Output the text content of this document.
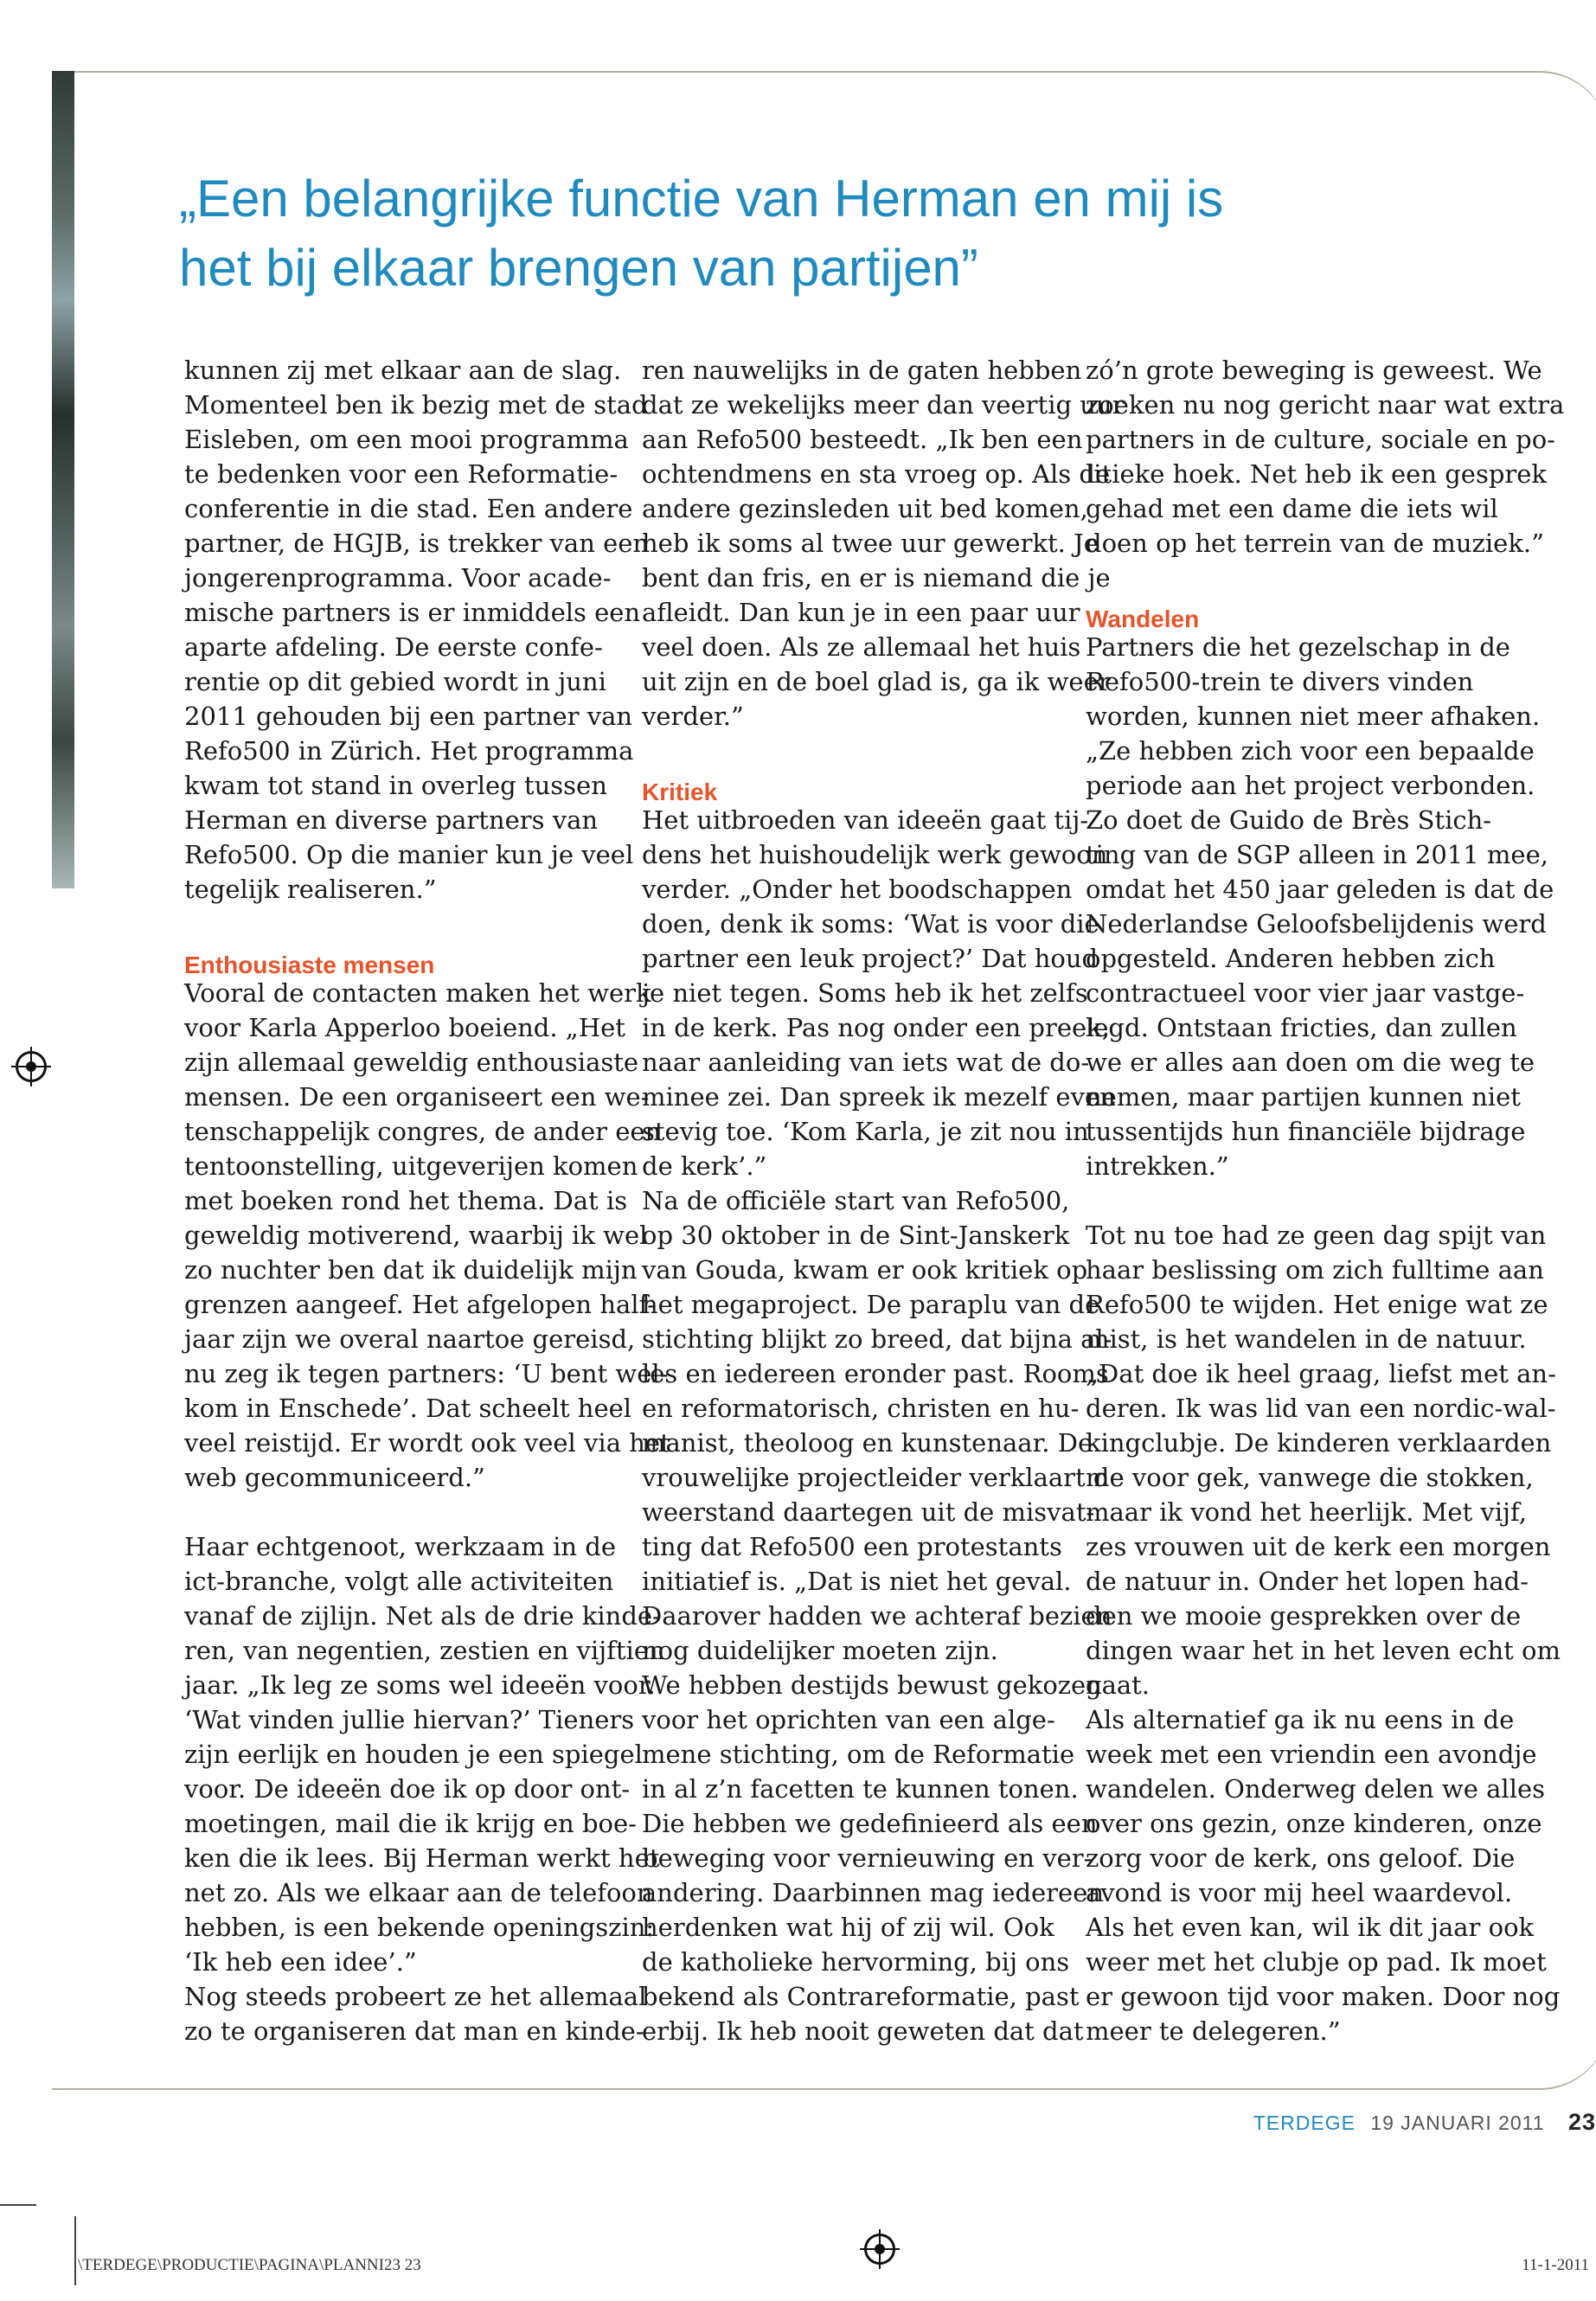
„Een belangrijke functie van Herman en mij is
het bij elkaar brengen van partijen”
kunnen zij met elkaar aan de slag.
Momenteel ben ik bezig met de stad
Eisleben, om een mooi programma
te bedenken voor een Reformatie-
conferentie in die stad. Een andere
partner, de HGJB, is trekker van een
jongerenprogramma. Voor acade-
mische partners is er inmiddels een
aparte afdeling. De eerste confe-
rentie op dit gebied wordt in juni
2011 gehouden bij een partner van
Refo500 in Zürich. Het programma
kwam tot stand in overleg tussen
Herman en diverse partners van
Refo500. Op die manier kun je veel
tegelijk realiseren.”
Enthousiaste mensen
Vooral de contacten maken het werk
voor Karla Apperloo boeiend. „Het
zijn allemaal geweldig enthousiaste
mensen. De een organiseert een we-
tenschappelijk congres, de ander een
tentoonstelling, uitgeverijen komen
met boeken rond het thema. Dat is
geweldig motiverend, waarbij ik wel
zo nuchter ben dat ik duidelijk mijn
grenzen aangeef. Het afgelopen half-
jaar zijn we overal naartoe gereisd,
nu zeg ik tegen partners: ‘U bent wel-
kom in Enschede’. Dat scheelt heel
veel reistijd. Er wordt ook veel via het
web gecommuniceerd.”
Haar echtgenoot, werkzaam in de
ict-branche, volgt alle activiteiten
vanaf de zijlijn. Net als de drie kinde-
ren, van negentien, zestien en vijftien
jaar. „Ik leg ze soms wel ideeën voor.
‘Wat vinden jullie hiervan?’ Tieners
zijn eerlijk en houden je een spiegel
voor. De ideeën doe ik op door ont-
moetingen, mail die ik krijg en boe-
ken die ik lees. Bij Herman werkt het
net zo. Als we elkaar aan de telefoon
hebben, is een bekende openingszin:
‘Ik heb een idee’.”
Nog steeds probeert ze het allemaal
zo te organiseren dat man en kinde-
ren nauwelijks in de gaten hebben
dat ze wekelijks meer dan veertig uur
aan Refo500 besteedt. „Ik ben een
ochtendmens en sta vroeg op. Als de
andere gezinsleden uit bed komen,
heb ik soms al twee uur gewerkt. Je
bent dan fris, en er is niemand die je
afleidt. Dan kun je in een paar uur
veel doen. Als ze allemaal het huis
uit zijn en de boel glad is, ga ik weer
verder.”
Kritiek
Het uitbroeden van ideeën gaat tij-
dens het huishoudelijk werk gewoon
verder. „Onder het boodschappen
doen, denk ik soms: ‘Wat is voor die
partner een leuk project?’ Dat houd
je niet tegen. Soms heb ik het zelfs
in de kerk. Pas nog onder een preek,
naar aanleiding van iets wat de do-
minee zei. Dan spreek ik mezelf even
stevig toe. ‘Kom Karla, je zit nou in
de kerk’.”
Na de officiële start van Refo500,
op 30 oktober in de Sint-Janskerk
van Gouda, kwam er ook kritiek op
het megaproject. De paraplu van de
stichting blijkt zo breed, dat bijna al-
les en iedereen eronder past. Rooms
en reformatorisch, christen en hu-
manist, theoloog en kunstenaar. De
vrouwelijke projectleider verklaart de
weerstand daartegen uit de misvat-
ting dat Refo500 een protestants
initiatief is. „Dat is niet het geval.
Daarover hadden we achteraf bezien
nog duidelijker moeten zijn.
We hebben destijds bewust gekozen
voor het oprichten van een alge-
mene stichting, om de Reformatie
in al z’n facetten te kunnen tonen.
Die hebben we gedefinieerd als een
beweging voor vernieuwing en ver-
andering. Daarbinnen mag iedereen
herdenken wat hij of zij wil. Ook
de katholieke hervorming, bij ons
bekend als Contrareformatie, past
erbij. Ik heb nooit geweten dat dat
zó’n grote beweging is geweest. We
zoeken nu nog gericht naar wat extra
partners in de culture, sociale en po-
litieke hoek. Net heb ik een gesprek
gehad met een dame die iets wil
doen op het terrein van de muziek.”
Wandelen
Partners die het gezelschap in de
Refo500-trein te divers vinden
worden, kunnen niet meer afhaken.
„Ze hebben zich voor een bepaalde
periode aan het project verbonden.
Zo doet de Guido de Brès Stich-
ting van de SGP alleen in 2011 mee,
omdat het 450 jaar geleden is dat de
Nederlandse Geloofsbelijdenis werd
opgesteld. Anderen hebben zich
contractueel voor vier jaar vastge-
legd. Ontstaan fricties, dan zullen
we er alles aan doen om die weg te
nemen, maar partijen kunnen niet
tussentijds hun financiële bijdrage
intrekken.”
Tot nu toe had ze geen dag spijt van
haar beslissing om zich fulltime aan
Refo500 te wijden. Het enige wat ze
mist, is het wandelen in de natuur.
„Dat doe ik heel graag, liefst met an-
deren. Ik was lid van een nordic-wal-
kingclubje. De kinderen verklaarden
me voor gek, vanwege die stokken,
maar ik vond het heerlijk. Met vijf,
zes vrouwen uit de kerk een morgen
de natuur in. Onder het lopen had-
den we mooie gesprekken over de
dingen waar het in het leven echt om
gaat.
Als alternatief ga ik nu eens in de
week met een vriendin een avondje
wandelen. Onderweg delen we alles
over ons gezin, onze kinderen, onze
zorg voor de kerk, ons geloof. Die
avond is voor mij heel waardevol.
Als het even kan, wil ik dit jaar ook
weer met het clubje op pad. Ik moet
er gewoon tijd voor maken. Door nog
meer te delegeren.”
TERDEGE 19 JANUARI 2011 23
\TERDEGE\PRODUCTIE\PAGINA\PLANNI23 23	11-1-2011
